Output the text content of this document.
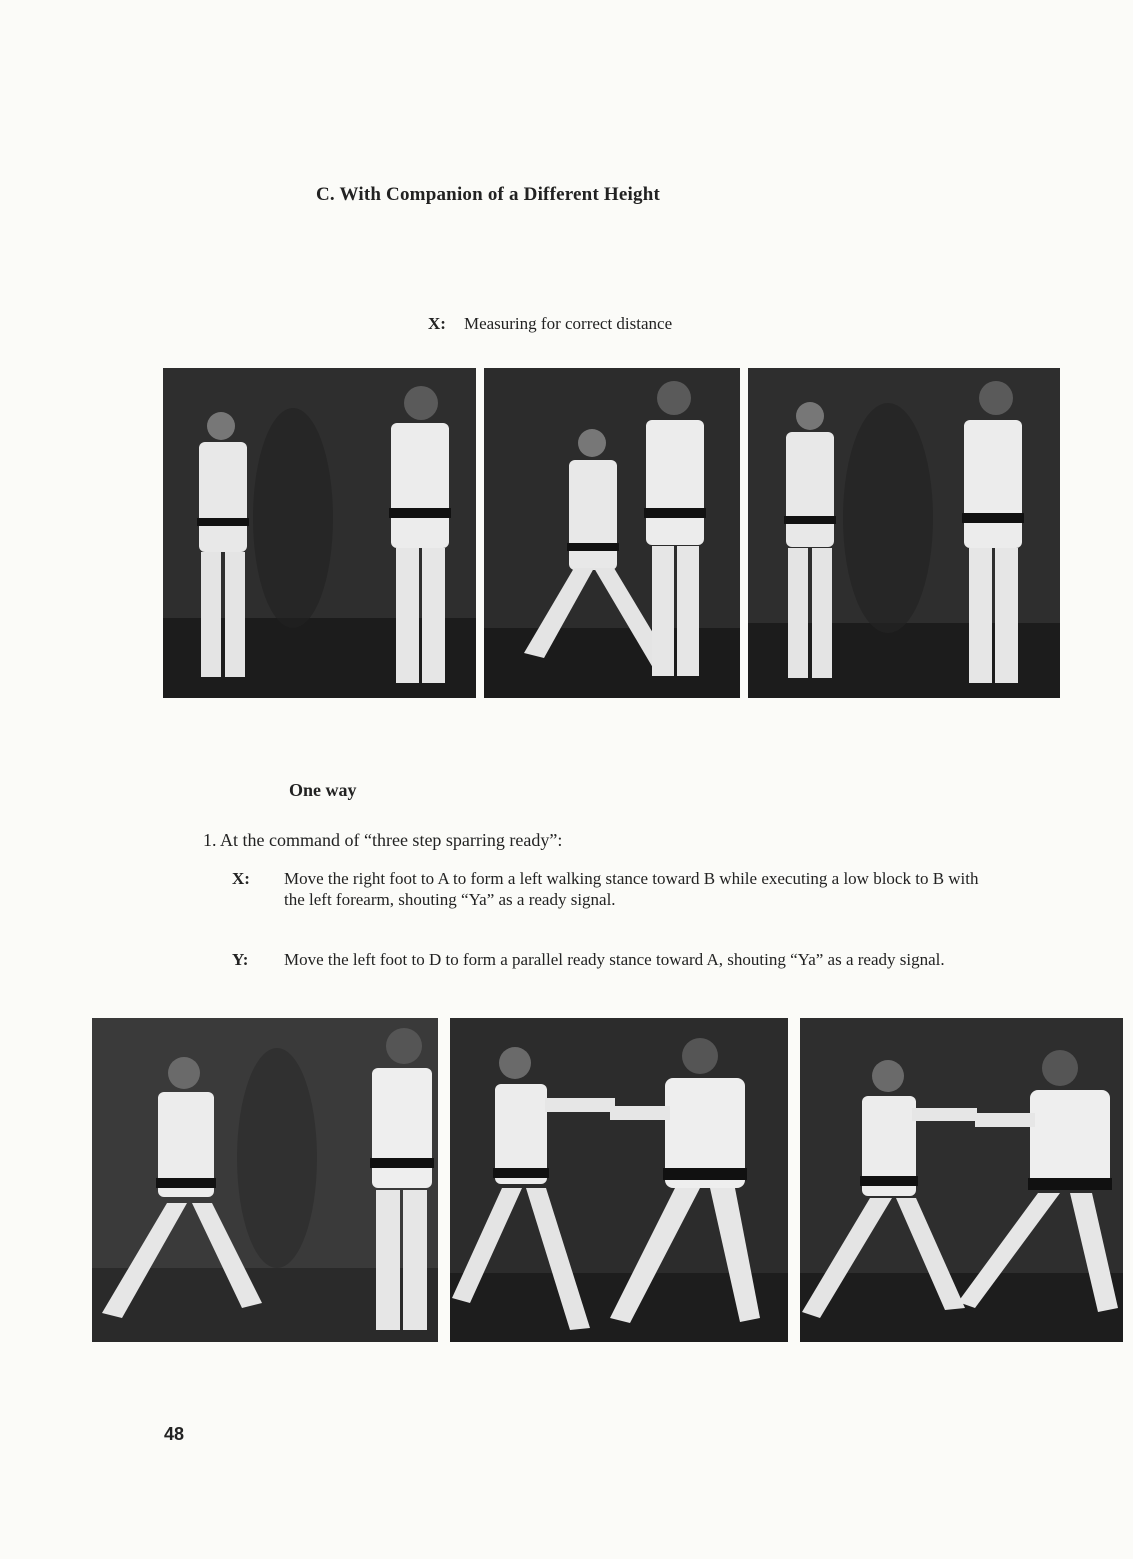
C. With Companion of a Different Height
X: Measuring for correct distance
One way
1. At the command of “three step sparring ready”:
X:	Move the right foot to A to form a left walking stance toward B while executing a low block to B with the left forearm, shouting “Ya” as a ready signal.
Y:	Move the left foot to D to form a parallel ready stance toward A, shouting “Ya” as a ready signal.
48
